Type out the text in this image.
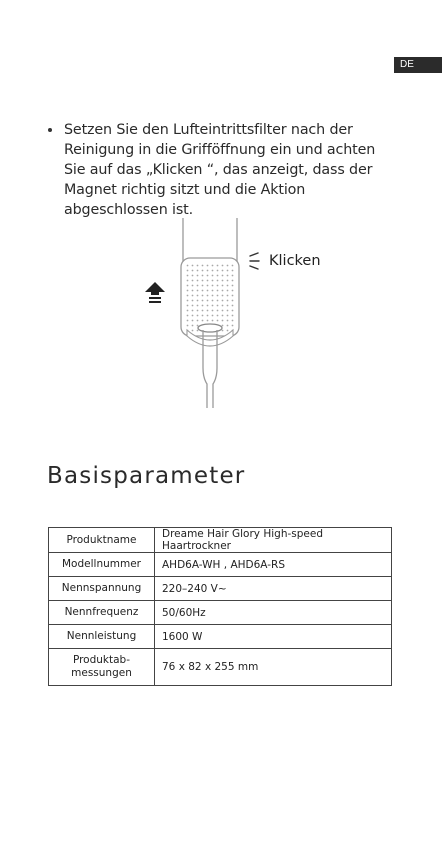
DE
Setzen Sie den Lufteintrittsfilter nach der Reinigung in die Grifföffnung ein und achten Sie auf das „Klicken “, das anzeigt, dass der Magnet richtig sitzt und die Aktion abgeschlossen ist.
Klicken
Basisparameter
Produktname	Dreame Hair Glory High-speed Haartrockner
Modellnummer	AHD6A-WH , AHD6A-RS
Nennspannung	220–240 V~
Nennfrequenz	50/60Hz
Nennleistung	1600 W
Produktab-
messungen	76 x 82 x 255 mm
